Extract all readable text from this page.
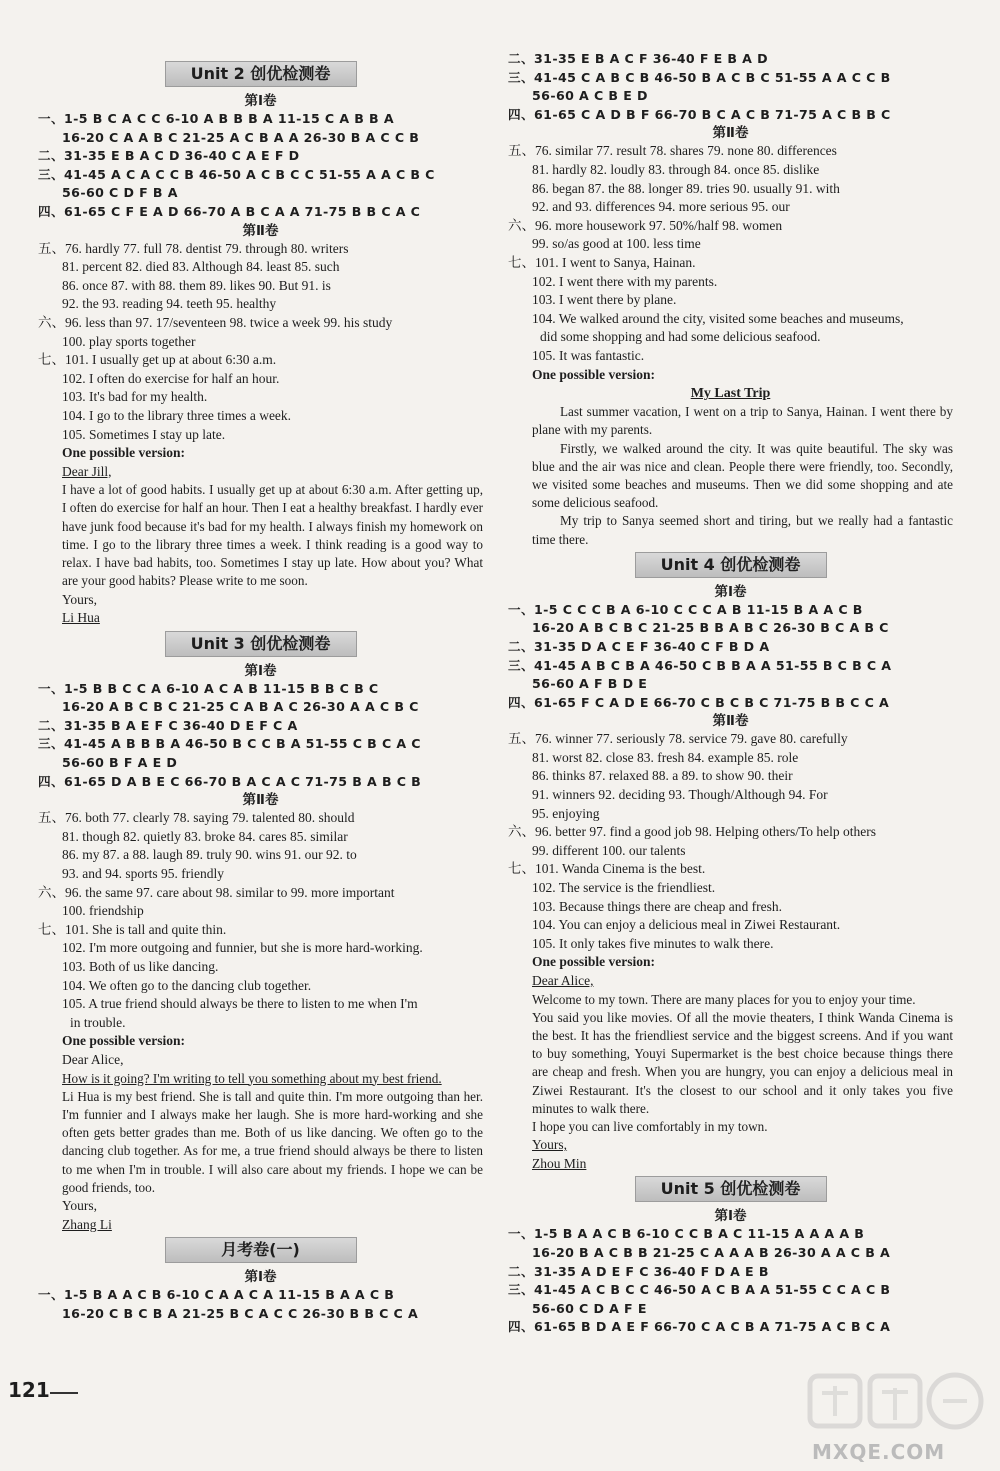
Unit 2 创优检测卷
第Ⅰ卷
一、1-5 B C A C C 6-10 A B B B A 11-15 C A B B A
16-20 C A A B C 21-25 A C B A A 26-30 B A C C B
二、31-35 E B A C D 36-40 C A E F D
三、41-45 A C A C C B 46-50 A C B C C 51-55 A A C B C
56-60 C D F B A
四、61-65 C F E A D 66-70 A B C A A 71-75 B B C A C
第Ⅱ卷
五、76. hardly 77. full 78. dentist 79. through 80. writers
81. percent 82. died 83. Although 84. least 85. such
86. once 87. with 88. them 89. likes 90. But 91. is
92. the 93. reading 94. teeth 95. healthy
六、96. less than 97. 17/seventeen 98. twice a week 99. his study
100. play sports together
七、101. I usually get up at about 6:30 a.m.
102. I often do exercise for half an hour.
103. It's bad for my health.
104. I go to the library three times a week.
105. Sometimes I stay up late.
One possible version:
Dear Jill,
I have a lot of good habits. I usually get up at about 6:30 a.m. After getting up, I often do exercise for half an hour. Then I eat a healthy breakfast. I hardly ever have junk food because it's bad for my health. I always finish my homework on time. I go to the library three times a week. I think reading is a good way to relax. I have bad habits, too. Sometimes I stay up late. How about you? What are your good habits? Please write to me soon.
Yours,
Li Hua
Unit 3 创优检测卷
第Ⅰ卷
一、1-5 B B C C A 6-10 A C A B 11-15 B B C B C
16-20 A B C B C 21-25 C A B A C 26-30 A A C B C
二、31-35 B A E F C 36-40 D E F C A
三、41-45 A B B B A 46-50 B C C B A 51-55 C B C A C
56-60 B F A E D
四、61-65 D A B E C 66-70 B A C A C 71-75 B A B C B
第Ⅱ卷
五、76. both 77. clearly 78. saying 79. talented 80. should
81. though 82. quietly 83. broke 84. cares 85. similar
86. my 87. a 88. laugh 89. truly 90. wins 91. our 92. to
93. and 94. sports 95. friendly
六、96. the same 97. care about 98. similar to 99. more important
100. friendship
七、101. She is tall and quite thin.
102. I'm more outgoing and funnier, but she is more hard-working.
103. Both of us like dancing.
104. We often go to the dancing club together.
105. A true friend should always be there to listen to me when I'm
in trouble.
One possible version:
Dear Alice,
How is it going? I'm writing to tell you something about my best friend.
Li Hua is my best friend. She is tall and quite thin. I'm more outgoing than her. I'm funnier and I always make her laugh. She is more hard-working and she often gets better grades than me. Both of us like dancing. We often go to the dancing club together. As for me, a true friend should always be there to listen to me when I'm in trouble. I will also care about my friends. I hope we can be good friends, too.
Yours,
Zhang Li
月考卷(一)
第Ⅰ卷
一、1-5 B A A C B 6-10 C A A C A 11-15 B A A C B
16-20 C B C B A 21-25 B C A C C 26-30 B B C C A
二、31-35 E B A C F 36-40 F E B A D
三、41-45 C A B C B 46-50 B A C B C 51-55 A A C C B
56-60 A C B E D
四、61-65 C A D B F 66-70 B C A C B 71-75 A C B B C
第Ⅱ卷
五、76. similar 77. result 78. shares 79. none 80. differences
81. hardly 82. loudly 83. through 84. once 85. dislike
86. began 87. the 88. longer 89. tries 90. usually 91. with
92. and 93. differences 94. more serious 95. our
六、96. more housework 97. 50%/half 98. women
99. so/as good at 100. less time
七、101. I went to Sanya, Hainan.
102. I went there with my parents.
103. I went there by plane.
104. We walked around the city, visited some beaches and museums,
did some shopping and had some delicious seafood.
105. It was fantastic.
One possible version:
My Last Trip
Last summer vacation, I went on a trip to Sanya, Hainan. I went there by plane with my parents.
Firstly, we walked around the city. It was quite beautiful. The sky was blue and the air was nice and clean. People there were friendly, too. Secondly, we visited some beaches and museums. Then we did some shopping and ate some delicious seafood.
My trip to Sanya seemed short and tiring, but we really had a fantastic time there.
Unit 4 创优检测卷
第Ⅰ卷
一、1-5 C C C B A 6-10 C C C A B 11-15 B A A C B
16-20 A B C B C 21-25 B B A B C 26-30 B C A B C
二、31-35 D A C E F 36-40 C F B D A
三、41-45 A B C B A 46-50 C B B A A 51-55 B C B C A
56-60 A F B D E
四、61-65 F C A D E 66-70 C B C B C 71-75 B B C C A
第Ⅱ卷
五、76. winner 77. seriously 78. service 79. gave 80. carefully
81. worst 82. close 83. fresh 84. example 85. role
86. thinks 87. relaxed 88. a 89. to show 90. their
91. winners 92. deciding 93. Though/Although 94. For
95. enjoying
六、96. better 97. find a good job 98. Helping others/To help others
99. different 100. our talents
七、101. Wanda Cinema is the best.
102. The service is the friendliest.
103. Because things there are cheap and fresh.
104. You can enjoy a delicious meal in Ziwei Restaurant.
105. It only takes five minutes to walk there.
One possible version:
Dear Alice,
Welcome to my town. There are many places for you to enjoy your time.
You said you like movies. Of all the movie theaters, I think Wanda Cinema is the best. It has the friendliest service and the biggest screens. And if you want to buy something, Youyi Supermarket is the best choice because things there are cheap and fresh. When you are hungry, you can enjoy a delicious meal in Ziwei Restaurant. It's the closest to our school and it only takes you five minutes to walk there.
I hope you can live comfortably in my town.
Yours,
Zhou Min
Unit 5 创优检测卷
第Ⅰ卷
一、1-5 B A A C B 6-10 C C B A C 11-15 A A A A B
16-20 B A C B B 21-25 C A A A B 26-30 A A C B A
二、31-35 A D E F C 36-40 F D A E B
三、41-45 A C B C C 46-50 A C B A A 51-55 C C A C B
56-60 C D A F E
四、61-65 B D A E F 66-70 C A C B A 71-75 A C B C A
121
MXQE.COM
